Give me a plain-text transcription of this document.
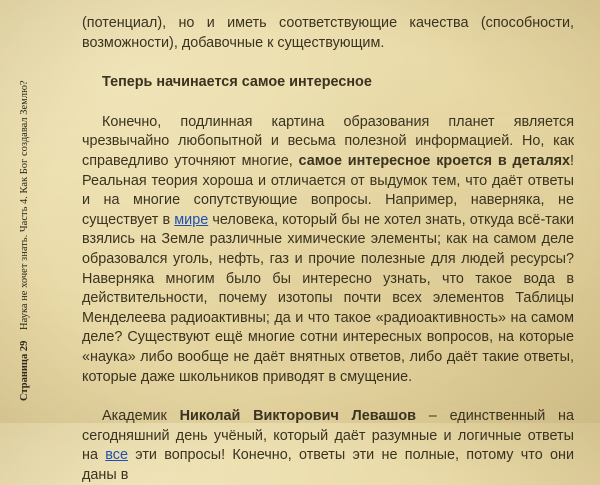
Страница 29 Наука не хочет знать. Часть 4. Как Бог создавал Землю?

(потенциал), но и иметь соответствующие качества (способности, возможности), добавочные к существующим.

Теперь начинается самое интересное

Конечно, подлинная картина образования планет является чрезвычайно любопытной и весьма полезной информацией. Но, как справедливо уточняют многие, самое интересное кроется в деталях! Реальная теория хороша и отличается от выдумок тем, что даёт ответы и на многие сопутствующие вопросы. Например, наверняка, не существует в мире человека, который бы не хотел знать, откуда всё-таки взялись на Земле различные химические элементы; как на самом деле образовался уголь, нефть, газ и прочие полезные для людей ресурсы? Наверняка многим было бы интересно узнать, что такое вода в действительности, почему изотопы почти всех элементов Таблицы Менделеева радиоактивны; да и что такое «радиоактивность» на самом деле? Существуют ещё многие сотни интересных вопросов, на которые «наука» либо вообще не даёт внятных ответов, либо даёт такие ответы, которые даже школьников приводят в смущение.

Академик Николай Викторович Левашов – единственный на сегодняшний день учёный, который даёт разумные и логичные ответы на все эти вопросы! Конечно, ответы эти не полные, потому что они даны в
